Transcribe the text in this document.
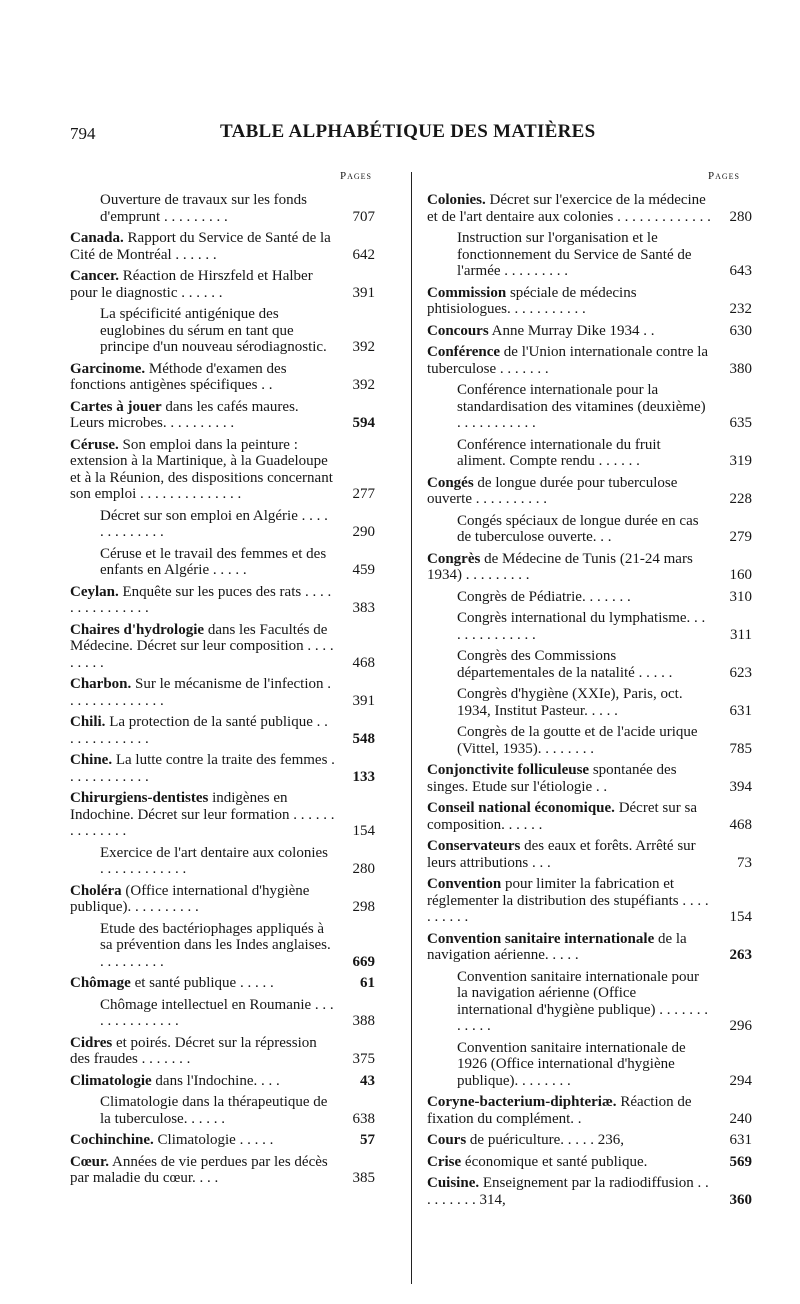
794	TABLE ALPHABÉTIQUE DES MATIÈRES
Pages	Pages
Ouverture de travaux sur les fonds d'emprunt . . . . . . . . .	707
Canada. Rapport du Service de Santé de la Cité de Montréal . . . . . .	642
Cancer. Réaction de Hirszfeld et Halber pour le diagnostic . . . . . .	391
La spécificité antigénique des euglobines du sérum en tant que principe d'un nouveau sérodiagnostic.	392
Garcinome. Méthode d'examen des fonctions antigènes spécifiques . .	392
Cartes à jouer dans les cafés maures. Leurs microbes. . . . . . . . . .	594
Céruse. Son emploi dans la peinture : extension à la Martinique, à la Guadeloupe et à la Réunion, des dispositions concernant son emploi . . . . . . . . . . . . . .	277
Décret sur son emploi en Algérie . . . . . . . . . . . . .	290
Céruse et le travail des femmes et des enfants en Algérie . . . . .	459
Ceylan. Enquête sur les puces des rats . . . . . . . . . . . . . . .	383
Chaires d'hydrologie dans les Facultés de Médecine. Décret sur leur composition . . . . . . . . .	468
Charbon. Sur le mécanisme de l'infection . . . . . . . . . . . . . .	391
Chili. La protection de la santé publique . . . . . . . . . . . . .	548
Chine. La lutte contre la traite des femmes . . . . . . . . . . . .	133
Chirurgiens-dentistes indigènes en Indochine. Décret sur leur formation . . . . . . . . . . . . . .	154
Exercice de l'art dentaire aux colonies . . . . . . . . . . . .	280
Choléra (Office international d'hygiène publique). . . . . . . . . .	298
Etude des bactériophages appliqués à sa prévention dans les Indes anglaises. . . . . . . . . .	669
Chômage et santé publique . . . . .	61
Chômage intellectuel en Roumanie . . . . . . . . . . . . . .	388
Cidres et poirés. Décret sur la répression des fraudes . . . . . . .	375
Climatologie dans l'Indochine. . . .	43
Climatologie dans la thérapeutique de la tuberculose. . . . . .	638
Cochinchine. Climatologie . . . . .	57
Cœur. Années de vie perdues par les décès par maladie du cœur. . . .	385
Colonies. Décret sur l'exercice de la médecine et de l'art dentaire aux colonies . . . . . . . . . . . . .	280
Instruction sur l'organisation et le fonctionnement du Service de Santé de l'armée . . . . . . . . .	643
Commission spéciale de médecins phtisiologues. . . . . . . . . . .	232
Concours Anne Murray Dike 1934 . .	630
Conférence de l'Union internationale contre la tuberculose . . . . . . .	380
Conférence internationale pour la standardisation des vitamines (deuxième) . . . . . . . . . . .	635
Conférence internationale du fruit aliment. Compte rendu . . . . . .	319
Congés de longue durée pour tuberculose ouverte . . . . . . . . . .	228
Congés spéciaux de longue durée en cas de tuberculose ouverte. . .	279
Congrès de Médecine de Tunis (21-24 mars 1934) . . . . . . . . .	160
Congrès de Pédiatrie. . . . . . .	310
Congrès international du lymphatisme. . . . . . . . . . . . . .	311
Congrès des Commissions départementales de la natalité . . . . .	623
Congrès d'hygiène (XXIe), Paris, oct. 1934, Institut Pasteur. . . . .	631
Congrès de la goutte et de l'acide urique (Vittel, 1935). . . . . . . .	785
Conjonctivite folliculeuse spontanée des singes. Etude sur l'étiologie . .	394
Conseil national économique. Décret sur sa composition. . . . . .	468
Conservateurs des eaux et forêts. Arrêté sur leurs attributions . . .	73
Convention pour limiter la fabrication et réglementer la distribution des stupéfiants . . . . . . . . . .	154
Convention sanitaire internationale de la navigation aérienne. . . . .	263
Convention sanitaire internationale pour la navigation aérienne (Office international d'hygiène publique) . . . . . . . . . . . .	296
Convention sanitaire internationale de 1926 (Office international d'hygiène publique). . . . . . . .	294
Coryne-bacterium-diphteriæ. Réaction de fixation du complément. .	240
Cours de puériculture. . . . . 236,	631
Crise économique et santé publique.	569
Cuisine. Enseignement par la radiodiffusion . . . . . . . . . 314,	360
